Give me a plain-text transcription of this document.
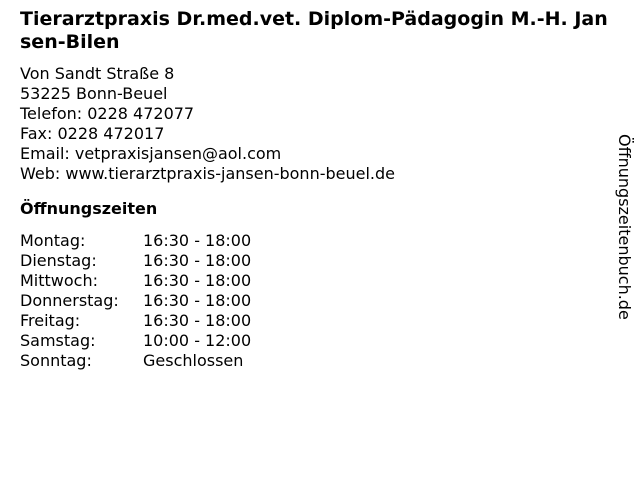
Tierarztpraxis Dr.med.vet. Diplom-Pädagogin M.-H. Jansen-Bilen
Von Sandt Straße 8
53225 Bonn-Beuel
Telefon: 0228 472077
Fax: 0228 472017
Email: vetpraxisjansen@aol.com
Web: www.tierarztpraxis-jansen-bonn-beuel.de
Öffnungszeiten
Montag:	16:30 - 18:00
Dienstag:	16:30 - 18:00
Mittwoch:	16:30 - 18:00
Donnerstag:	16:30 - 18:00
Freitag:	16:30 - 18:00
Samstag:	10:00 - 12:00
Sonntag:	Geschlossen
Öffnungszeitenbuch.de
